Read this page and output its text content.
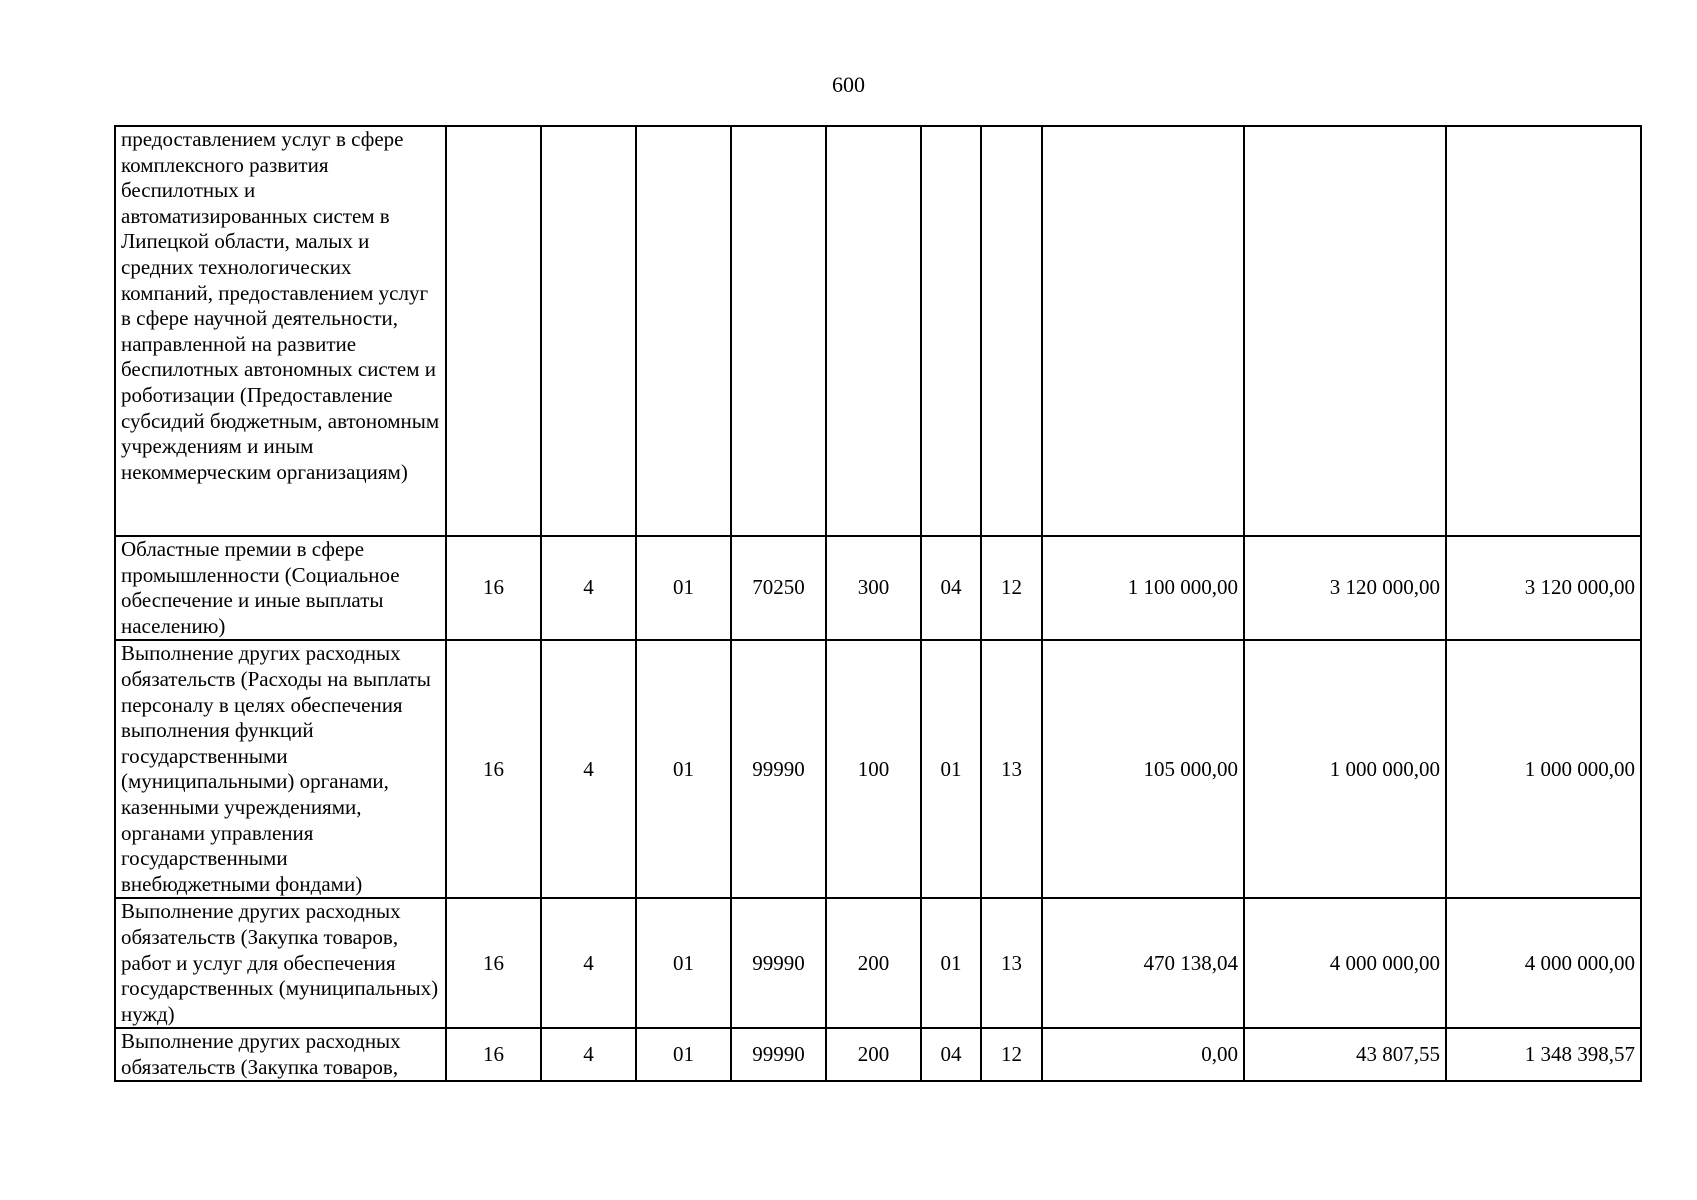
600
предоставлением услуг в сфере комплексного развития беспилотных и автоматизированных систем в Липецкой области, малых и средних технологических компаний, предоставлением услуг в сфере научной деятельности, направленной на развитие беспилотных автономных систем и роботизации (Предоставление субсидий бюджетным, автономным учреждениям и иным некоммерческим организациям)										
Областные премии в сфере промышленности (Социальное обеспечение и иные выплаты населению)	16	4	01	70250	300	04	12	1 100 000,00	3 120 000,00	3 120 000,00
Выполнение других расходных обязательств (Расходы на выплаты персоналу в целях обеспечения выполнения функций государственными (муниципальными) органами, казенными учреждениями, органами управления государственными внебюджетными фондами)	16	4	01	99990	100	01	13	105 000,00	1 000 000,00	1 000 000,00
Выполнение других расходных обязательств (Закупка товаров, работ и услуг для обеспечения государственных (муниципальных) нужд)	16	4	01	99990	200	01	13	470 138,04	4 000 000,00	4 000 000,00
Выполнение других расходных обязательств (Закупка товаров,	16	4	01	99990	200	04	12	0,00	43 807,55	1 348 398,57
